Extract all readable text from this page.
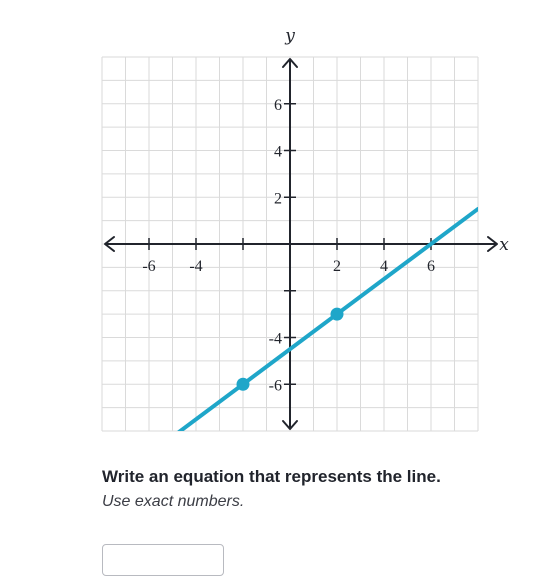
-6 -4	2 4 6
6
4
2
-4
-6
x
y
Write an equation that represents the line.
Use exact numbers.
